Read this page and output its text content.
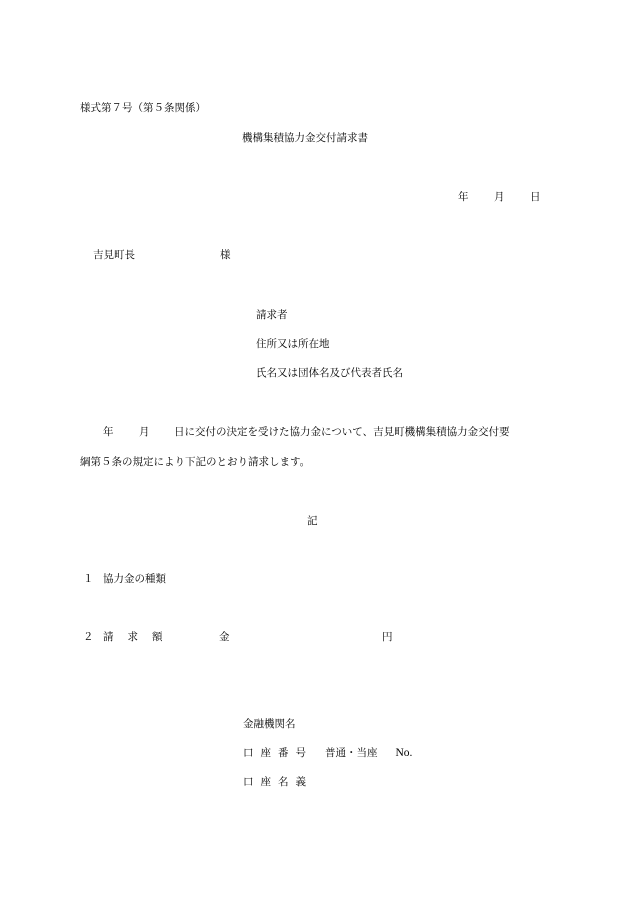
様式第７号（第５条関係）
機構集積協力金交付請求書
年 月 日
吉見町長	様
請求者
住所又は所在地
氏名又は団体名及び代表者氏名
年 月 日に交付の決定を受けた協力金について、吉見町機構集積協力金交付要
綱第５条の規定により下記のとおり請求します。
記
１ 協力金の種類
２ 請求額	金	円
金融機関名
口座番号 普通・当座 No.
口座名義
